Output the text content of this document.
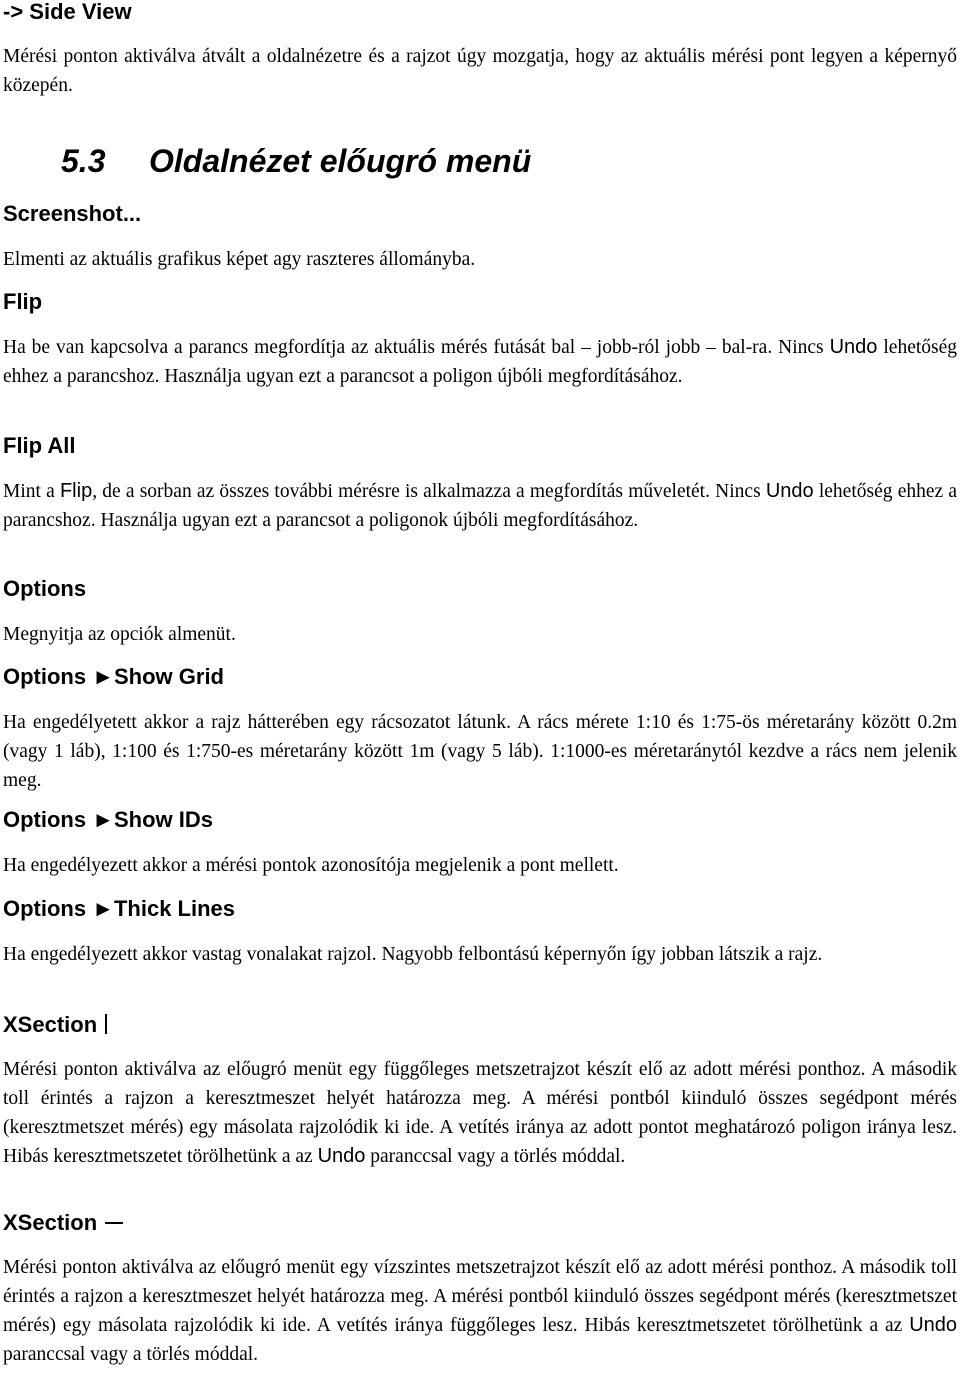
-> Side View

Mérési ponton aktiválva átvált a oldalnézetre és a rajzot úgy mozgatja, hogy az aktuális mérési pont legyen a képernyő közepén.

5.3 Oldalnézet előugró menü
Screenshot...

Elmenti az aktuális grafikus képet agy raszteres állományba.

Flip

Ha be van kapcsolva a parancs megfordítja az aktuális mérés futását bal – jobb-ról jobb – bal-ra. Nincs Undo lehetőség ehhez a parancshoz. Használja ugyan ezt a parancsot a poligon újbóli megfordításához.

Flip All

Mint a Flip, de a sorban az összes további mérésre is alkalmazza a megfordítás műveletét. Nincs Undo lehetőség ehhez a parancshoz. Használja ugyan ezt a parancsot a poligonok újbóli megfordításához.

Options

Megnyitja az opciók almenüt.

Options ►Show Grid

Ha engedélyetett akkor a rajz hátterében egy rácsozatot látunk. A rács mérete 1:10 és 1:75-ös méretarány között 0.2m (vagy 1 láb), 1:100 és 1:750-es méretarány között 1m (vagy 5 láb). 1:1000-es méretaránytól kezdve a rács nem jelenik meg.

Options ►Show IDs

Ha engedélyezett akkor a mérési pontok azonosítója megjelenik a pont mellett.

Options ►Thick Lines

Ha engedélyezett akkor vastag vonalakat rajzol. Nagyobb felbontású képernyőn így jobban látszik a rajz.

XSection

Mérési ponton aktiválva az előugró menüt egy függőleges metszetrajzot készít elő az adott mérési ponthoz. A második toll érintés a rajzon a keresztmeszet helyét határozza meg. A mérési pontból kiinduló összes segédpont mérés (keresztmetszet mérés) egy másolata rajzolódik ki ide. A vetítés iránya az adott pontot meghatározó poligon iránya lesz. Hibás keresztmetszetet törölhetünk a az Undo paranccsal vagy a törlés móddal.

XSection

Mérési ponton aktiválva az előugró menüt egy vízszintes metszetrajzot készít elő az adott mérési ponthoz. A második toll érintés a rajzon a keresztmeszet helyét határozza meg. A mérési pontból kiinduló összes segédpont mérés (keresztmetszet mérés) egy másolata rajzolódik ki ide. A vetítés iránya függőleges lesz. Hibás keresztmetszetet törölhetünk a az Undo paranccsal vagy a törlés móddal.
